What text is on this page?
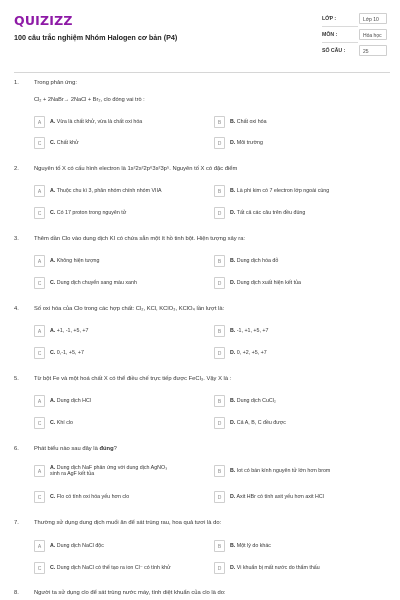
QUIZIZZ
100 câu trắc nghiệm Nhóm Halogen cơ bản (P4)
LỚP :	Lớp 10
MÔN :	Hóa học
SỐ CÂU :	25
1.	Trong phản ứng:
Cl₂ + 2NaBr→ 2NaCl + Br₂, clo đóng vai trò :
A	A. Vừa là chất khử, vừa là chất oxi hóa	B	B. Chất oxi hóa
C	C. Chất khử	D	D. Môi trường
2.	Nguyên tố X có cấu hình electron là 1s²2s²2p⁶3s²3p⁵. Nguyên tố X có đặc điểm
A	A. Thuộc chu kì 3, phân nhóm chính nhóm VIIA	B	B. Là phi kim có 7 electron lớp ngoài cùng
C	C. Có 17 proton trong nguyên tử	D	D. Tất cả các câu trên đều đúng
3.	Thêm dần Clo vào dung dịch KI có chứa sẵn một ít hồ tinh bột. Hiện tượng xảy ra:
A	A. Không hiện tượng	B	B. Dung dịch hóa đỏ
C	C. Dung dịch chuyển sang màu xanh	D	D. Dung dịch xuất hiện kết tủa
4.	Số oxi hóa của Clo trong các hợp chất: Cl₂, KCl, KClO₃, KClO₄ lần lượt là:
A	A. +1, -1, +5, +7	B	B. -1, +1, +5, +7
C	C. 0,-1, +5, +7	D	D. 0, +2, +5, +7
5.	Từ bột Fe và một hoá chất X có thể điều chế trực tiếp được FeCl₃. Vậy X là :
A	A. Dung dịch HCl	B	B. Dung dịch CuCl₂
C	C. Khí clo	D	D. Cả A, B, C đều được
6.	Phát biểu nào sau đây là đúng?
A
A. Dung dịch NaF phản ứng với dung dịch AgNO₃
sinh ra AgF kết tủa	B	B. Iot có bán kính nguyên tử lớn hơn brom
C	C. Flo có tính oxi hóa yếu hơn clo	D	D. Axit HBr có tính axit yếu hơn axit HCl
7.	Thường sử dụng dung dịch muối ăn để sát trùng rau, hoa quả tươi là do:
A	A. Dung dịch NaCl độc	B	B. Một lý do khác
C	C. Dung dịch NaCl có thể tạo ra ion Cl⁻ có tính khử	D	D. Vi khuẩn bị mất nước do thẩm thấu
8.	Người ta sử dụng clo để sát trùng nước máy, tính diệt khuẩn của clo là do:
